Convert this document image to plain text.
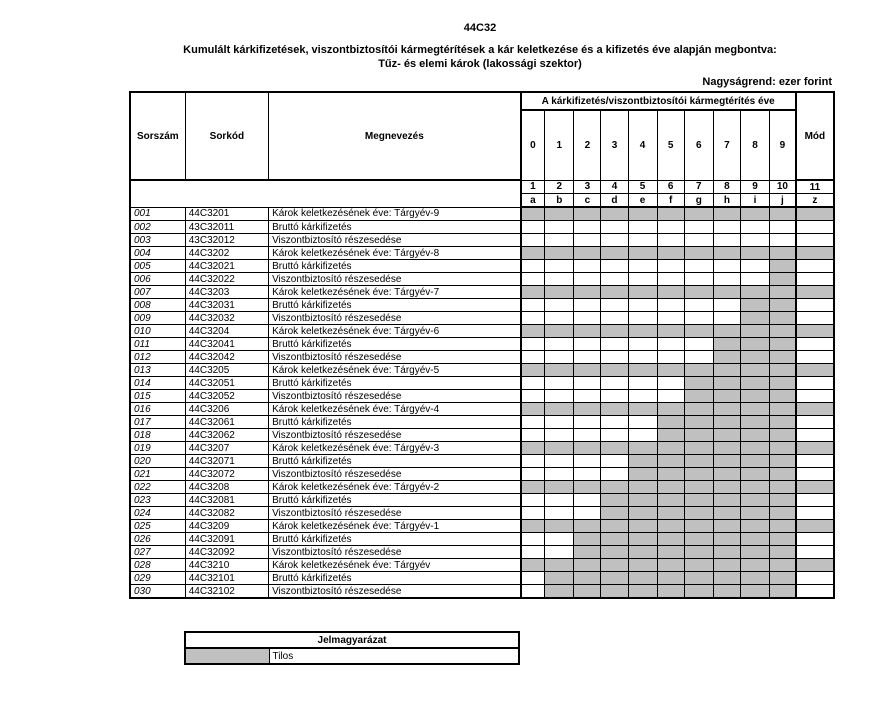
44C32
Kumulált kárkifizetések, viszontbiztosítói kármegtérítések a kár keletkezése és a kifizetés éve alapján megbontva:
Tűz- és elemi károk (lakossági szektor)
Nagyságrend: ezer forint
Sorszám	Sorkód	Megnevezés	A kárkifizetés/viszontbiztosítói kármegtérítés éve										Mód
			0	1	2	3	4	5	6	7	8	9	
			1	2	3	4	5	6	7	8	9	10	11
			a	b	c	d	e	f	g	h	i	j	z
001	44C3201	Károk keletkezésének éve: Tárgyév-9											
002	43C32011	Bruttó kárkifizetés											
003	43C32012	Viszontbiztosító részesedése											
004	44C3202	Károk keletkezésének éve: Tárgyév-8											
005	44C32021	Bruttó kárkifizetés											
006	44C32022	Viszontbiztosító részesedése											
007	44C3203	Károk keletkezésének éve: Tárgyév-7											
008	44C32031	Bruttó kárkifizetés											
009	44C32032	Viszontbiztosító részesedése											
010	44C3204	Károk keletkezésének éve: Tárgyév-6											
011	44C32041	Bruttó kárkifizetés											
012	44C32042	Viszontbiztosító részesedése											
013	44C3205	Károk keletkezésének éve: Tárgyév-5											
014	44C32051	Bruttó kárkifizetés											
015	44C32052	Viszontbiztosító részesedése											
016	44C3206	Károk keletkezésének éve: Tárgyév-4											
017	44C32061	Bruttó kárkifizetés											
018	44C32062	Viszontbiztosító részesedése											
019	44C3207	Károk keletkezésének éve: Tárgyév-3											
020	44C32071	Bruttó kárkifizetés											
021	44C32072	Viszontbiztosító részesedése											
022	44C3208	Károk keletkezésének éve: Tárgyév-2											
023	44C32081	Bruttó kárkifizetés											
024	44C32082	Viszontbiztosító részesedése											
025	44C3209	Károk keletkezésének éve: Tárgyév-1											
026	44C32091	Bruttó kárkifizetés											
027	44C32092	Viszontbiztosító részesedése											
028	44C3210	Károk keletkezésének éve: Tárgyév											
029	44C32101	Bruttó kárkifizetés											
030	44C32102	Viszontbiztosító részesedése											
Jelmagyarázat
	Tilos
